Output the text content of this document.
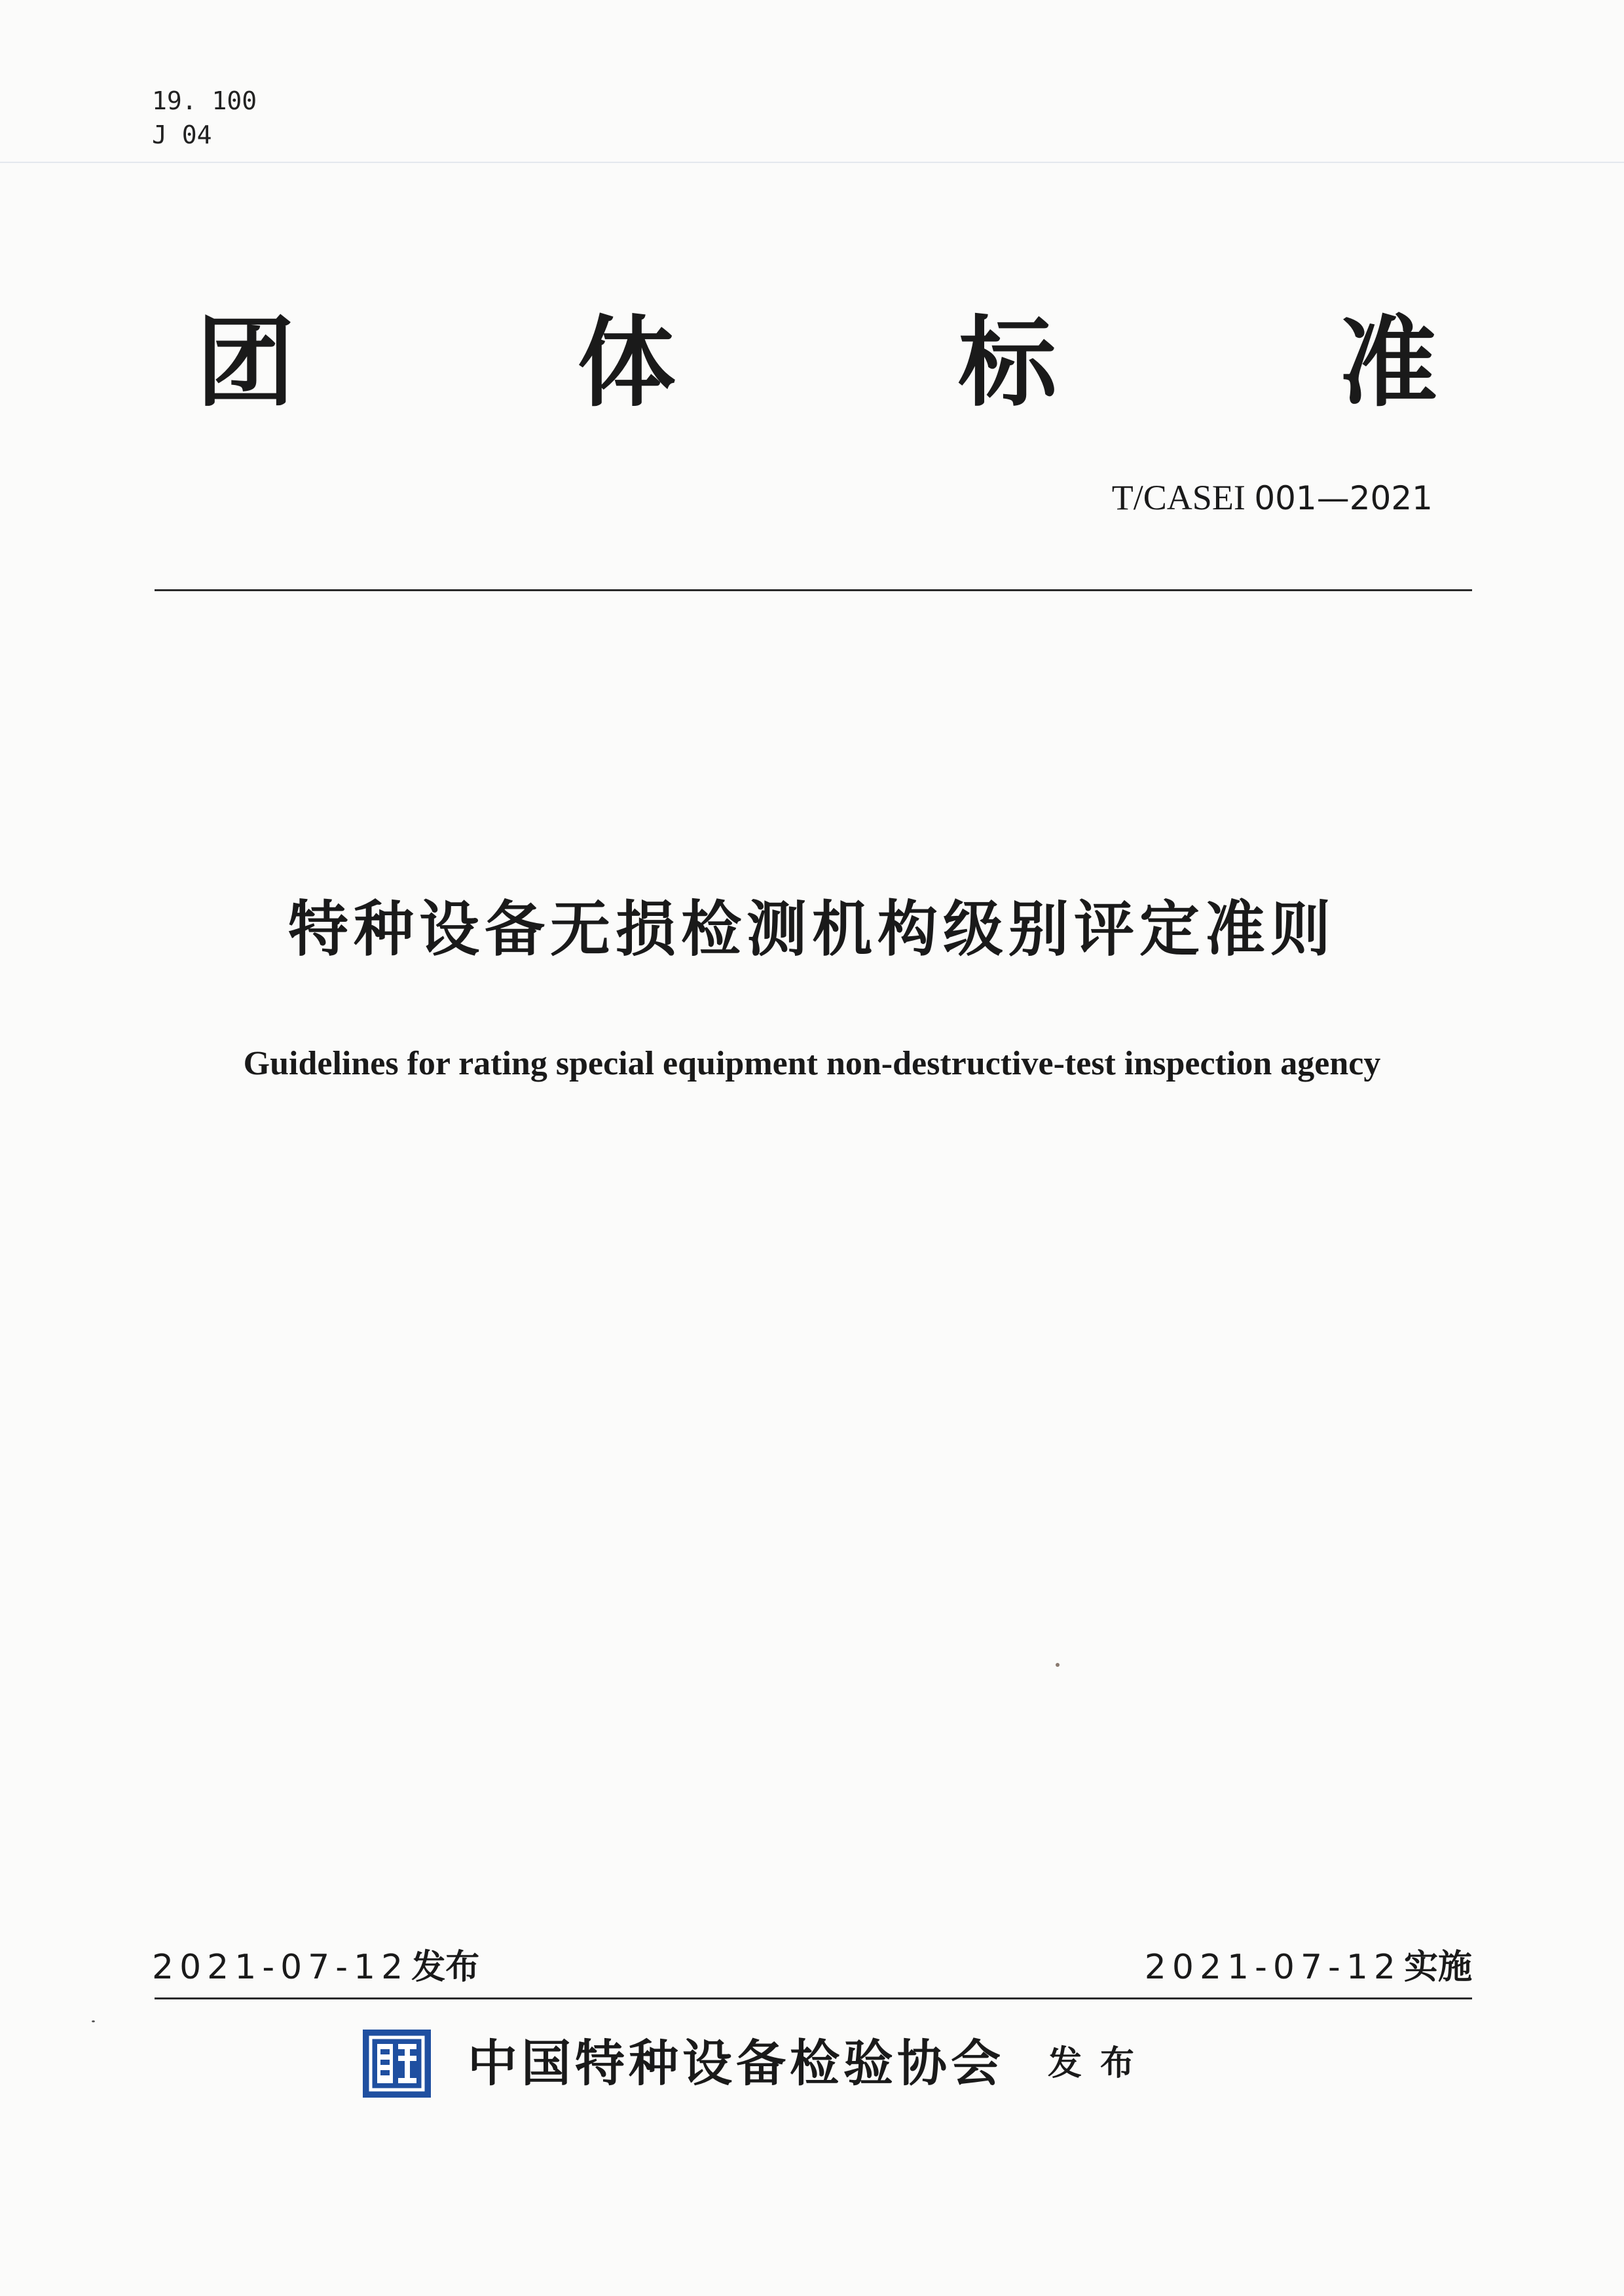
19. 100
J 04
团	体	标	准
T/CASEI 001—2021
特种设备无损检测机构级别评定准则
Guidelines for rating special equipment non-destructive-test inspection agency
2021-07-12发布	2021-07-12实施
中国特种设备检验协会 发布
